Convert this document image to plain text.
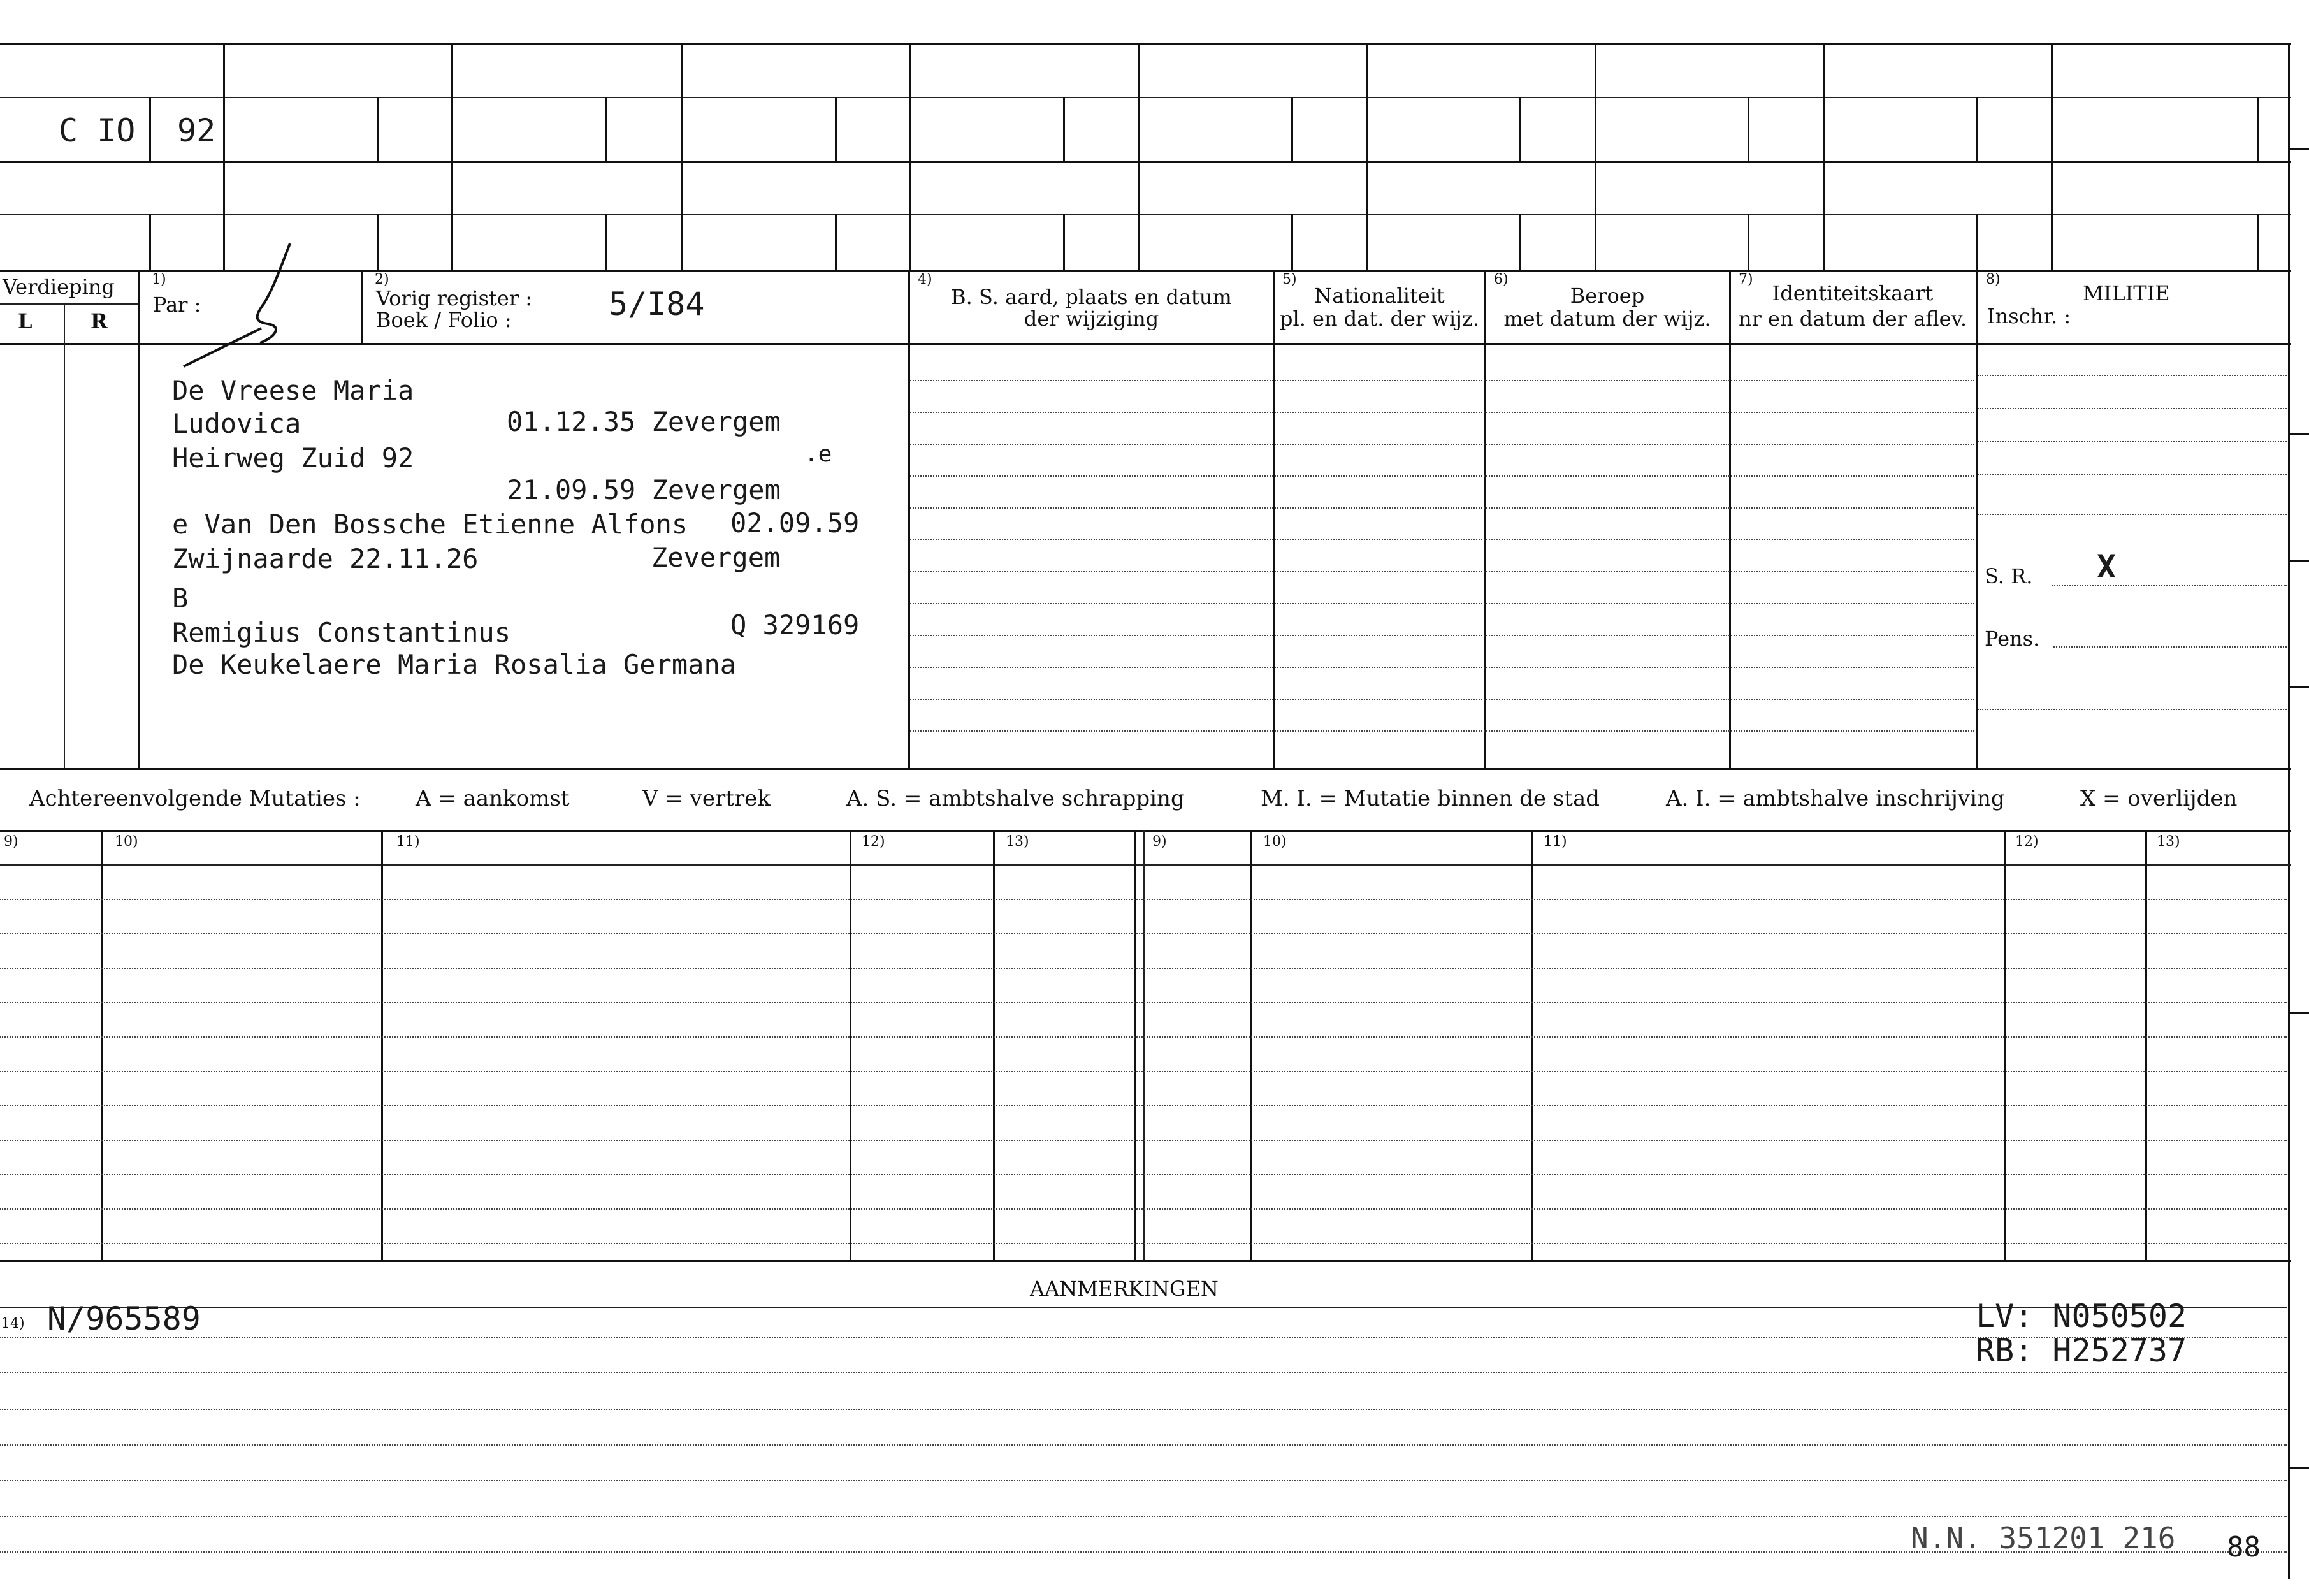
C IO 92
Verdieping
L	R
1)
Par :
2)
Vorig register :
Boek / Folio :	5/I84
4)
B. S. aard, plaats en datum
der wijziging
5)
Nationaliteit
pl. en dat. der wijz.
6)
Beroep
met datum der wijz.
7)
Identiteitskaart
nr en datum der aflev.
8)
MILITIE
Inschr. :
De Vreese Maria
Ludovica	01.12.35 Zevergem
Heirweg Zuid 92	.e
21.09.59 Zevergem
e Van Den Bossche Etienne Alfons 02.09.59
Zwijnaarde 22.11.26	Zevergem
B
Remigius Constantinus	Q 329169
De Keukelaere Maria Rosalia Germana
S. R. X
Pens.
Achtereenvolgende Mutaties :	A = aankomst	V = vertrek	A. S. = ambtshalve schrapping	M. I. = Mutatie binnen de stad	A. I. = ambtshalve inschrijving	X = overlijden
9)	10)	11)	12)	13)	9)	10)	11)	12)	13)
AANMERKINGEN
14) N/965589	LV: N050502
RB: H252737
N.N. 351201 216 88
